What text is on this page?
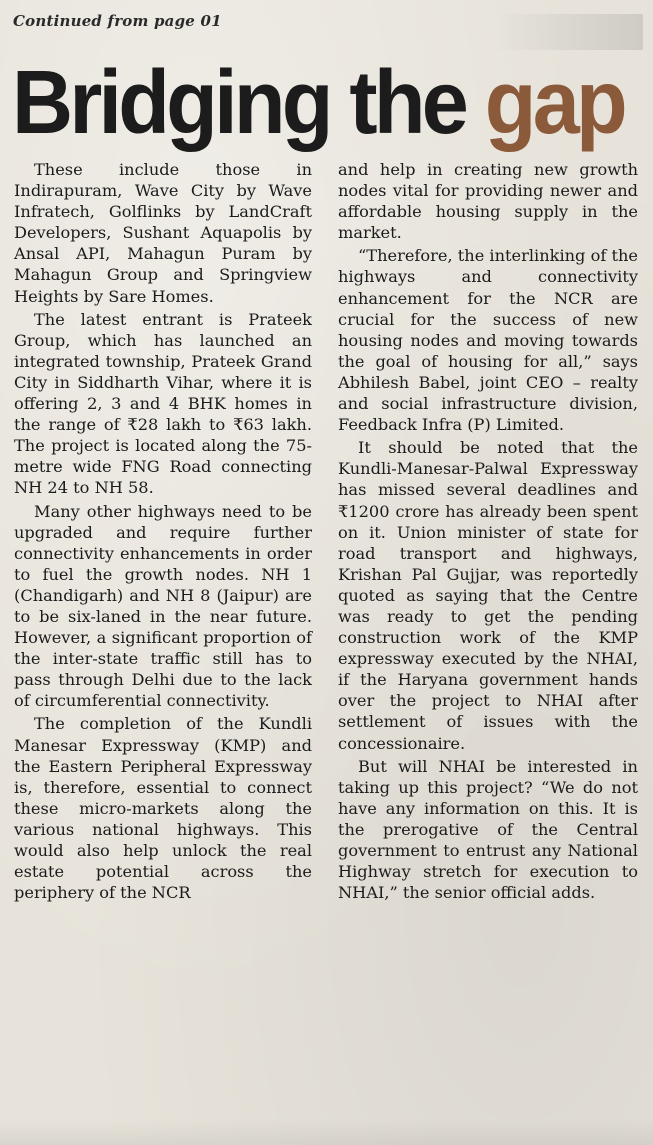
Continued from page 01
Bridging the gap

These include those in Indirapuram, Wave City by Wave Infratech, Golflinks by LandCraft Developers, Sushant Aquapolis by Ansal API, Mahagun Puram by Mahagun Group and Springview Heights by Sare Homes.

The latest entrant is Prateek Group, which has launched an integrated township, Prateek Grand City in Siddharth Vihar, where it is offering 2, 3 and 4 BHK homes in the range of ₹28 lakh to ₹63 lakh. The project is located along the 75-metre wide FNG Road connecting NH 24 to NH 58.

Many other highways need to be upgraded and require further connectivity enhancements in order to fuel the growth nodes. NH 1 (Chandigarh) and NH 8 (Jaipur) are to be six-laned in the near future. However, a significant proportion of the inter-state traffic still has to pass through Delhi due to the lack of circumferential connectivity.

The completion of the Kundli Manesar Expressway (KMP) and the Eastern Peripheral Expressway is, therefore, essential to connect these micro-markets along the various national highways. This would also help unlock the real estate potential across the periphery of the NCR

and help in creating new growth nodes vital for providing newer and affordable housing supply in the market.

“Therefore, the interlinking of the highways and connectivity enhancement for the NCR are crucial for the success of new housing nodes and moving towards the goal of housing for all,” says Abhilesh Babel, joint CEO – realty and social infrastructure division, Feedback Infra (P) Limited.

It should be noted that the Kundli-Manesar-Palwal Expressway has missed several deadlines and ₹1200 crore has already been spent on it. Union minister of state for road transport and highways, Krishan Pal Gujjar, was reportedly quoted as saying that the Centre was ready to get the pending construction work of the KMP expressway executed by the NHAI, if the Haryana government hands over the project to NHAI after settlement of issues with the concessionaire.

But will NHAI be interested in taking up this project? “We do not have any information on this. It is the prerogative of the Central government to entrust any National Highway stretch for execution to NHAI,” the senior official adds.
